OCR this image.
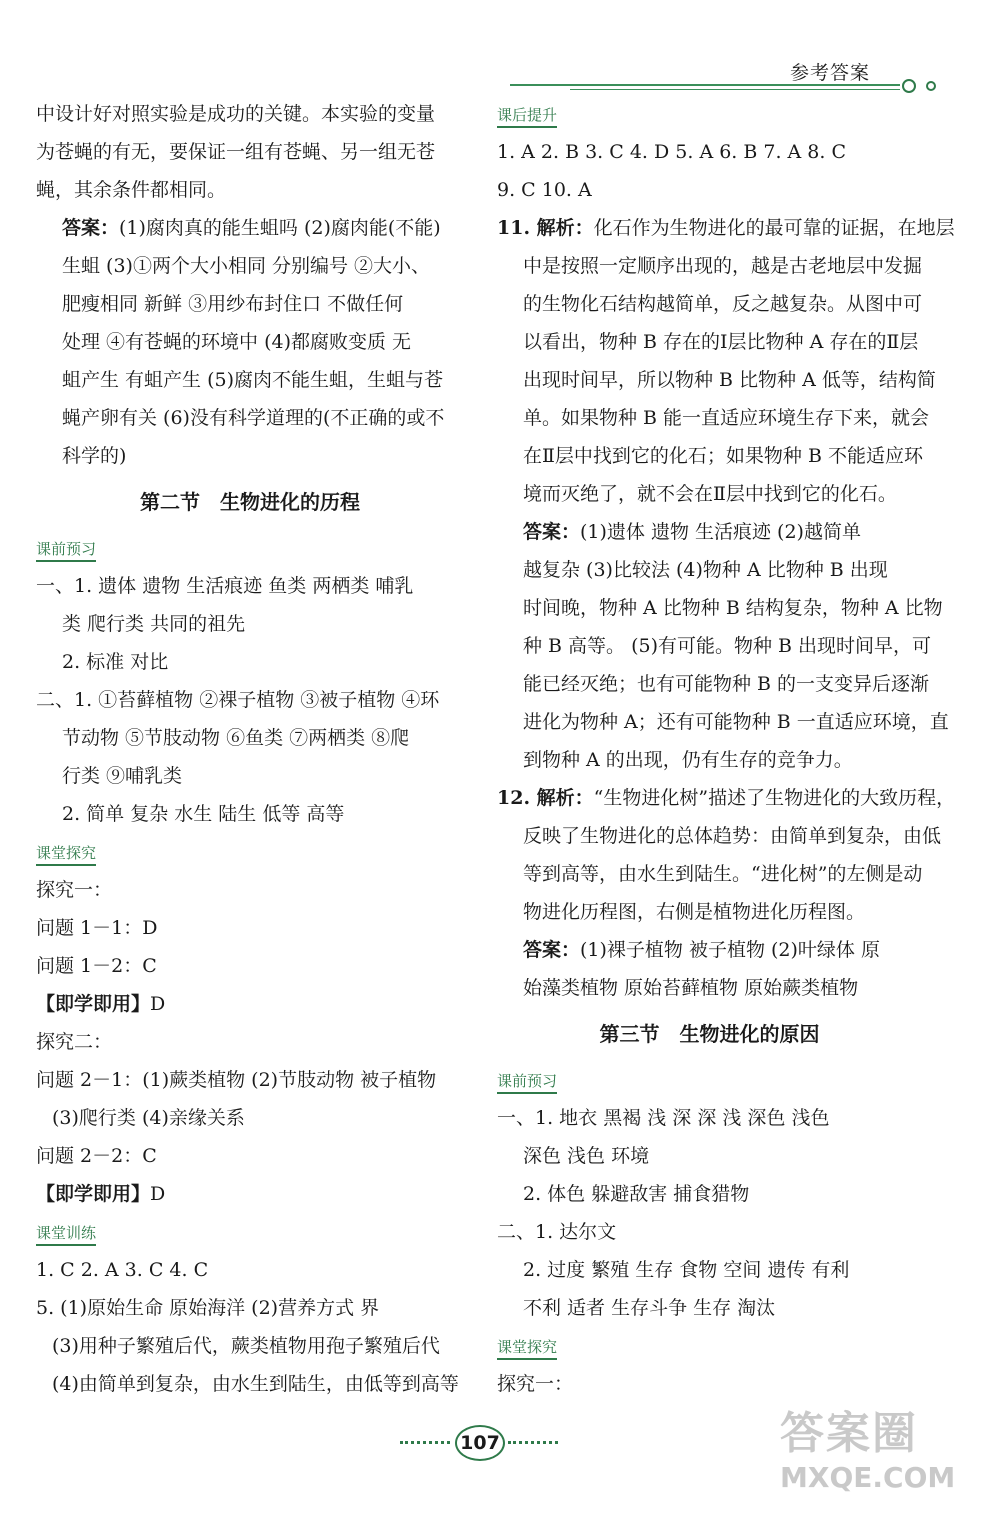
参考答案
中设计好对照实验是成功的关键。本实验的变量
为苍蝇的有无，要保证一组有苍蝇、另一组无苍
蝇，其余条件都相同。
答案：(1)腐肉真的能生蛆吗 (2)腐肉能(不能)
生蛆 (3)①两个大小相同 分别编号 ②大小、
肥瘦相同 新鲜 ③用纱布封住口 不做任何
处理 ④有苍蝇的环境中 (4)都腐败变质 无
蛆产生 有蛆产生 (5)腐肉不能生蛆，生蛆与苍
蝇产卵有关 (6)没有科学道理的(不正确的或不
科学的)
第二节　生物进化的历程
课前预习
一、1. 遗体 遗物 生活痕迹 鱼类 两栖类 哺乳
类 爬行类 共同的祖先
2. 标准 对比
二、1. ①苔藓植物 ②裸子植物 ③被子植物 ④环
节动物 ⑤节肢动物 ⑥鱼类 ⑦两栖类 ⑧爬
行类 ⑨哺乳类
2. 简单 复杂 水生 陆生 低等 高等
课堂探究
探究一：
问题 1－1：D
问题 1－2：C
【即学即用】D
探究二：
问题 2－1：(1)蕨类植物 (2)节肢动物 被子植物
(3)爬行类 (4)亲缘关系
问题 2－2：C
【即学即用】D
课堂训练
1. C 2. A 3. C 4. C
5. (1)原始生命 原始海洋 (2)营养方式 界
(3)用种子繁殖后代，蕨类植物用孢子繁殖后代
(4)由简单到复杂，由水生到陆生，由低等到高等
课后提升
1. A 2. B 3. C 4. D 5. A 6. B 7. A 8. C
9. C 10. A
11. 解析：化石作为生物进化的最可靠的证据，在地层
中是按照一定顺序出现的，越是古老地层中发掘
的生物化石结构越简单，反之越复杂。从图中可
以看出，物种 B 存在的Ⅰ层比物种 A 存在的Ⅱ层
出现时间早，所以物种 B 比物种 A 低等，结构简
单。如果物种 B 能一直适应环境生存下来，就会
在Ⅱ层中找到它的化石；如果物种 B 不能适应环
境而灭绝了，就不会在Ⅱ层中找到它的化石。
答案：(1)遗体 遗物 生活痕迹 (2)越简单
越复杂 (3)比较法 (4)物种 A 比物种 B 出现
时间晚，物种 A 比物种 B 结构复杂，物种 A 比物
种 B 高等。 (5)有可能。物种 B 出现时间早，可
能已经灭绝；也有可能物种 B 的一支变异后逐渐
进化为物种 A；还有可能物种 B 一直适应环境，直
到物种 A 的出现，仍有生存的竞争力。
12. 解析：“生物进化树”描述了生物进化的大致历程，
反映了生物进化的总体趋势：由简单到复杂，由低
等到高等，由水生到陆生。“进化树”的左侧是动
物进化历程图，右侧是植物进化历程图。
答案：(1)裸子植物 被子植物 (2)叶绿体 原
始藻类植物 原始苔藓植物 原始蕨类植物
第三节　生物进化的原因
课前预习
一、1. 地衣 黑褐 浅 深 深 浅 深色 浅色
深色 浅色 环境
2. 体色 躲避敌害 捕食猎物
二、1. 达尔文
2. 过度 繁殖 生存 食物 空间 遗传 有利
不利 适者 生存斗争 生存 淘汰
课堂探究
探究一：
107	答案圈
MXQE.COM
